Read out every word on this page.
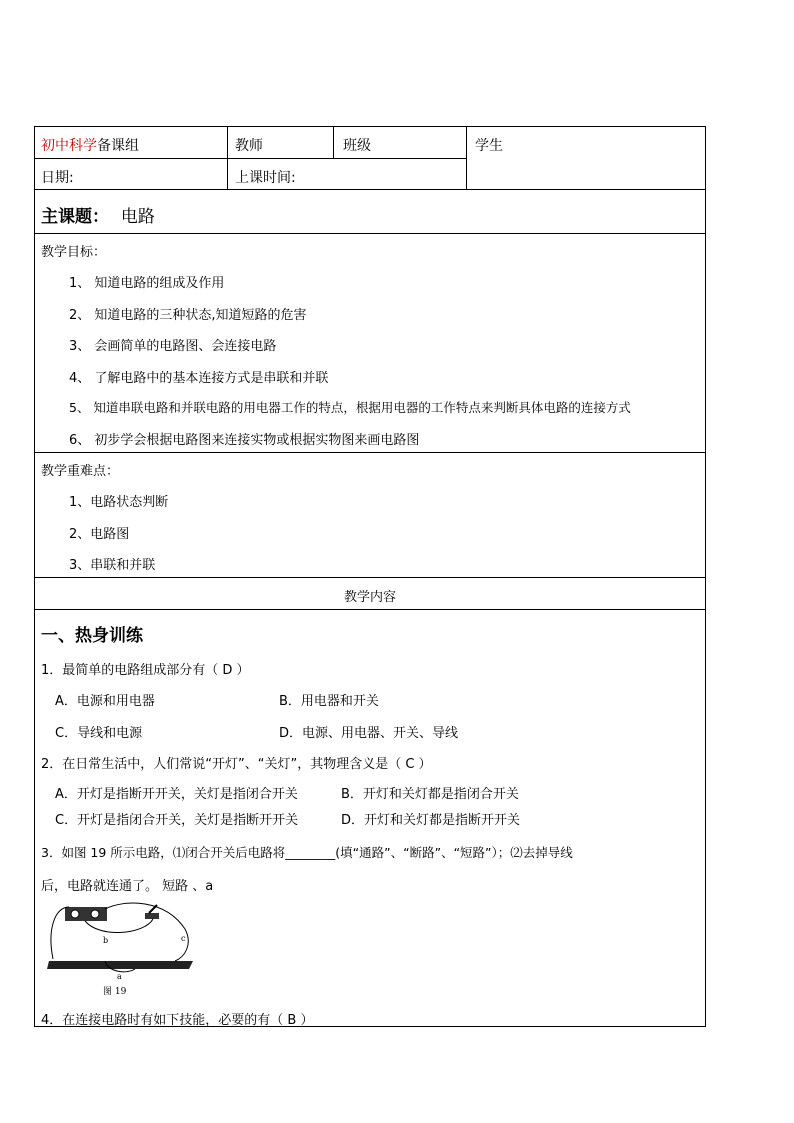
初中科学备课组	教师	班级	学生
日期:	上课时间:
主课题： 电路
教学目标：
1、 知道电路的组成及作用
2、 知道电路的三种状态,知道短路的危害
3、 会画简单的电路图、会连接电路
4、 了解电路中的基本连接方式是串联和并联
5、 知道串联电路和并联电路的用电器工作的特点，根据用电器的工作特点来判断具体电路的连接方式
6、 初步学会根据电路图来连接实物或根据实物图来画电路图
教学重难点：
1、电路状态判断
2、电路图
3、串联和并联
教学内容
一、热身训练
1．最简单的电路组成部分有（ D ）
A．电源和用电器	B．用电器和开关
C．导线和电源	D．电源、用电器、开关、导线
2．在日常生活中，人们常说“开灯”、“关灯”，其物理含义是（ C ）
A．开灯是指断开开关，关灯是指闭合开关	B．开灯和关灯都是指闭合开关
C．开灯是指闭合开关，关灯是指断开开关	D．开灯和关灯都是指断开开关
3．如图 19 所示电路，⑴闭合开关后电路将________(填“通路”、“断路”、“短路”）；⑵去掉导线
后，电路就连通了。 短路 、a
b	c
a
图 19
4．在连接电路时有如下技能，必要的有（ B ）
